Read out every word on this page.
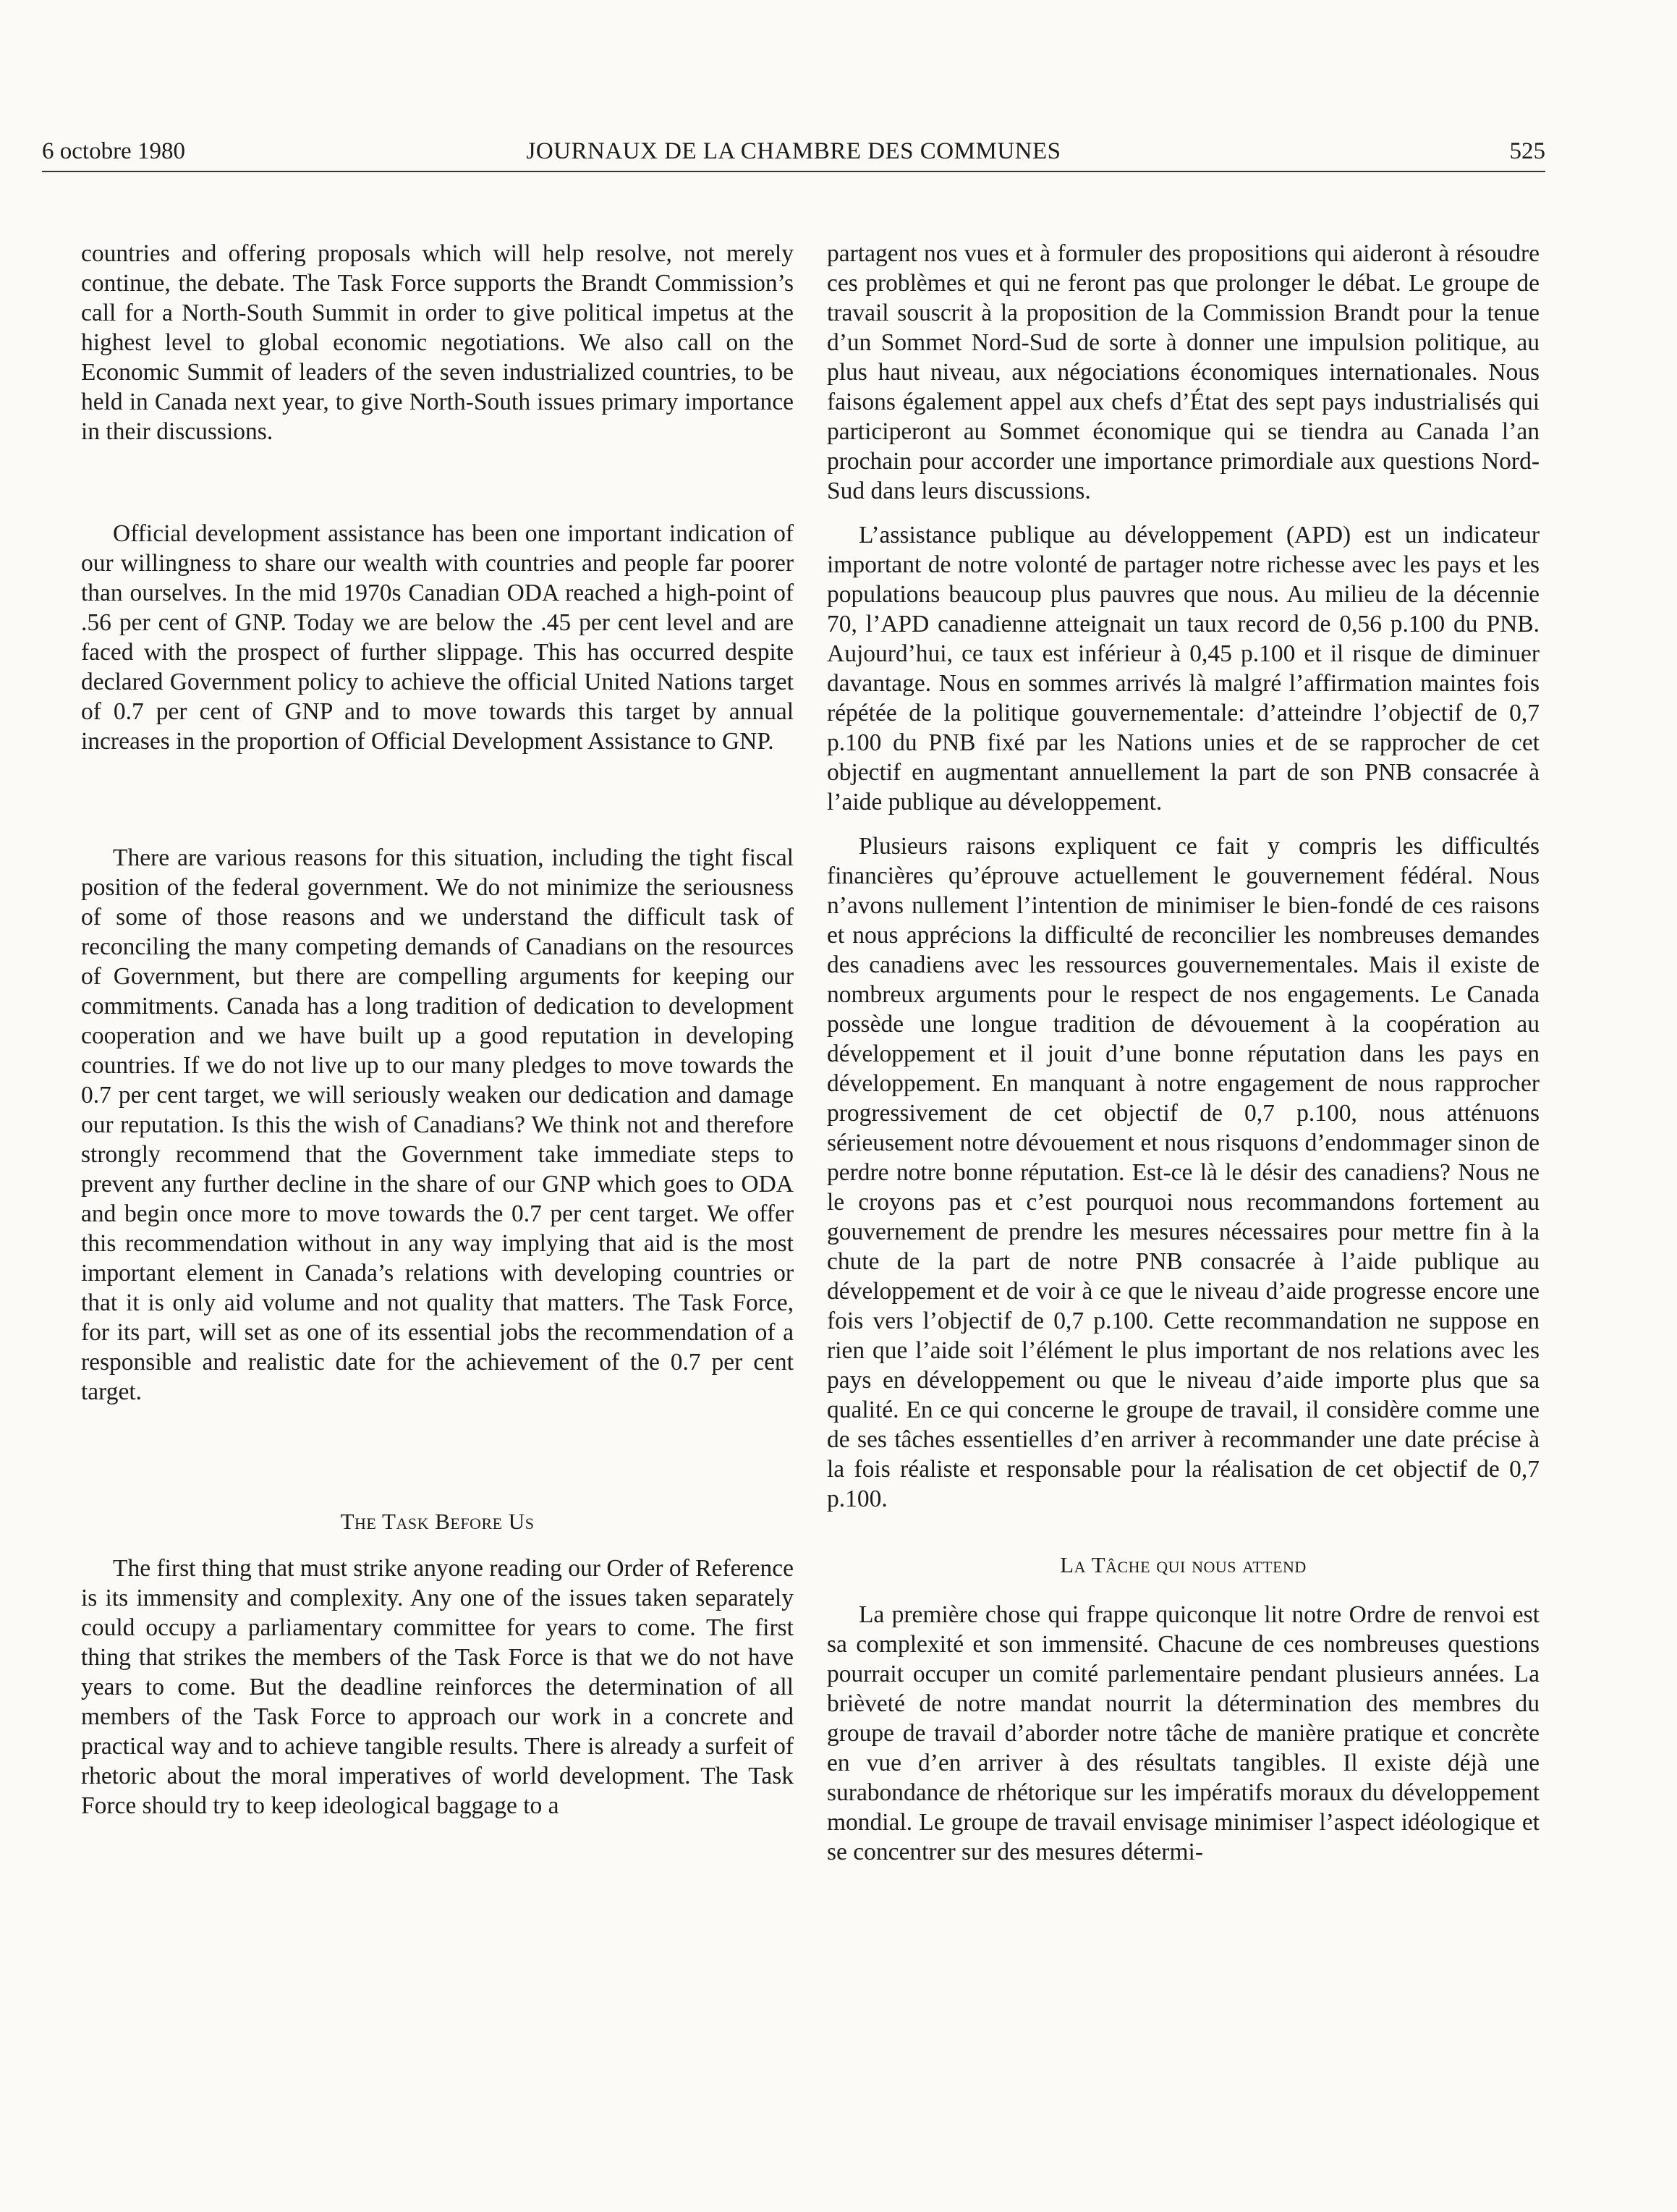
6 octobre 1980	JOURNAUX DE LA CHAMBRE DES COMMUNES	525

countries and offering proposals which will help resolve, not merely continue, the debate. The Task Force supports the Brandt Commission’s call for a North-South Summit in order to give political impetus at the highest level to global economic negotiations. We also call on the Economic Summit of leaders of the seven industrialized countries, to be held in Canada next year, to give North-South issues primary importance in their discussions.

Official development assistance has been one important indication of our willingness to share our wealth with countries and people far poorer than ourselves. In the mid 1970s Canadian ODA reached a high-point of .56 per cent of GNP. Today we are below the .45 per cent level and are faced with the prospect of further slippage. This has occurred despite declared Government policy to achieve the official United Nations target of 0.7 per cent of GNP and to move towards this target by annual increases in the proportion of Official Development Assistance to GNP.

There are various reasons for this situation, including the tight fiscal position of the federal government. We do not minimize the seriousness of some of those reasons and we understand the difficult task of reconciling the many competing demands of Canadians on the resources of Government, but there are compelling arguments for keeping our commitments. Canada has a long tradition of dedication to development cooperation and we have built up a good reputation in developing countries. If we do not live up to our many pledges to move towards the 0.7 per cent target, we will seriously weaken our dedication and damage our reputation. Is this the wish of Canadians? We think not and therefore strongly recommend that the Government take immediate steps to prevent any further decline in the share of our GNP which goes to ODA and begin once more to move towards the 0.7 per cent target. We offer this recommendation without in any way implying that aid is the most important element in Canada’s relations with developing countries or that it is only aid volume and not quality that matters. The Task Force, for its part, will set as one of its essential jobs the recommendation of a responsible and realistic date for the achievement of the 0.7 per cent target.

The Task Before Us

The first thing that must strike anyone reading our Order of Reference is its immensity and complexity. Any one of the issues taken separately could occupy a parliamentary committee for years to come. The first thing that strikes the members of the Task Force is that we do not have years to come. But the deadline reinforces the determination of all members of the Task Force to approach our work in a concrete and practical way and to achieve tangible results. There is already a surfeit of rhetoric about the moral imperatives of world development. The Task Force should try to keep ideological baggage to a

partagent nos vues et à formuler des propositions qui aideront à résoudre ces problèmes et qui ne feront pas que prolonger le débat. Le groupe de travail souscrit à la proposition de la Commission Brandt pour la tenue d’un Sommet Nord-Sud de sorte à donner une impulsion politique, au plus haut niveau, aux négociations économiques internationales. Nous faisons également appel aux chefs d’État des sept pays industrialisés qui participeront au Sommet économique qui se tiendra au Canada l’an prochain pour accorder une importance primordiale aux questions Nord-Sud dans leurs discussions.

L’assistance publique au développement (APD) est un indicateur important de notre volonté de partager notre richesse avec les pays et les populations beaucoup plus pauvres que nous. Au milieu de la décennie 70, l’APD canadienne atteignait un taux record de 0,56 p.100 du PNB. Aujourd’hui, ce taux est inférieur à 0,45 p.100 et il risque de diminuer davantage. Nous en sommes arrivés là malgré l’affirmation maintes fois répétée de la politique gouvernementale: d’atteindre l’objectif de 0,7 p.100 du PNB fixé par les Nations unies et de se rapprocher de cet objectif en augmentant annuellement la part de son PNB consacrée à l’aide publique au développement.

Plusieurs raisons expliquent ce fait y compris les difficultés financières qu’éprouve actuellement le gouvernement fédéral. Nous n’avons nullement l’intention de minimiser le bien-fondé de ces raisons et nous apprécions la difficulté de reconcilier les nombreuses demandes des canadiens avec les ressources gouvernementales. Mais il existe de nombreux arguments pour le respect de nos engagements. Le Canada possède une longue tradition de dévouement à la coopération au développement et il jouit d’une bonne réputation dans les pays en développement. En manquant à notre engagement de nous rapprocher progressivement de cet objectif de 0,7 p.100, nous atténuons sérieusement notre dévouement et nous risquons d’endommager sinon de perdre notre bonne réputation. Est-ce là le désir des canadiens? Nous ne le croyons pas et c’est pourquoi nous recommandons fortement au gouvernement de prendre les mesures nécessaires pour mettre fin à la chute de la part de notre PNB consacrée à l’aide publique au développement et de voir à ce que le niveau d’aide progresse encore une fois vers l’objectif de 0,7 p.100. Cette recommandation ne suppose en rien que l’aide soit l’élément le plus important de nos relations avec les pays en développement ou que le niveau d’aide importe plus que sa qualité. En ce qui concerne le groupe de travail, il considère comme une de ses tâches essentielles d’en arriver à recommander une date précise à la fois réaliste et responsable pour la réalisation de cet objectif de 0,7 p.100.

La Tâche qui nous attend

La première chose qui frappe quiconque lit notre Ordre de renvoi est sa complexité et son immensité. Chacune de ces nombreuses questions pourrait occuper un comité parlementaire pendant plusieurs années. La brièveté de notre mandat nourrit la détermination des membres du groupe de travail d’aborder notre tâche de manière pratique et concrète en vue d’en arriver à des résultats tangibles. Il existe déjà une surabondance de rhétorique sur les impératifs moraux du développement mondial. Le groupe de travail envisage minimiser l’aspect idéologique et se concentrer sur des mesures détermi-
